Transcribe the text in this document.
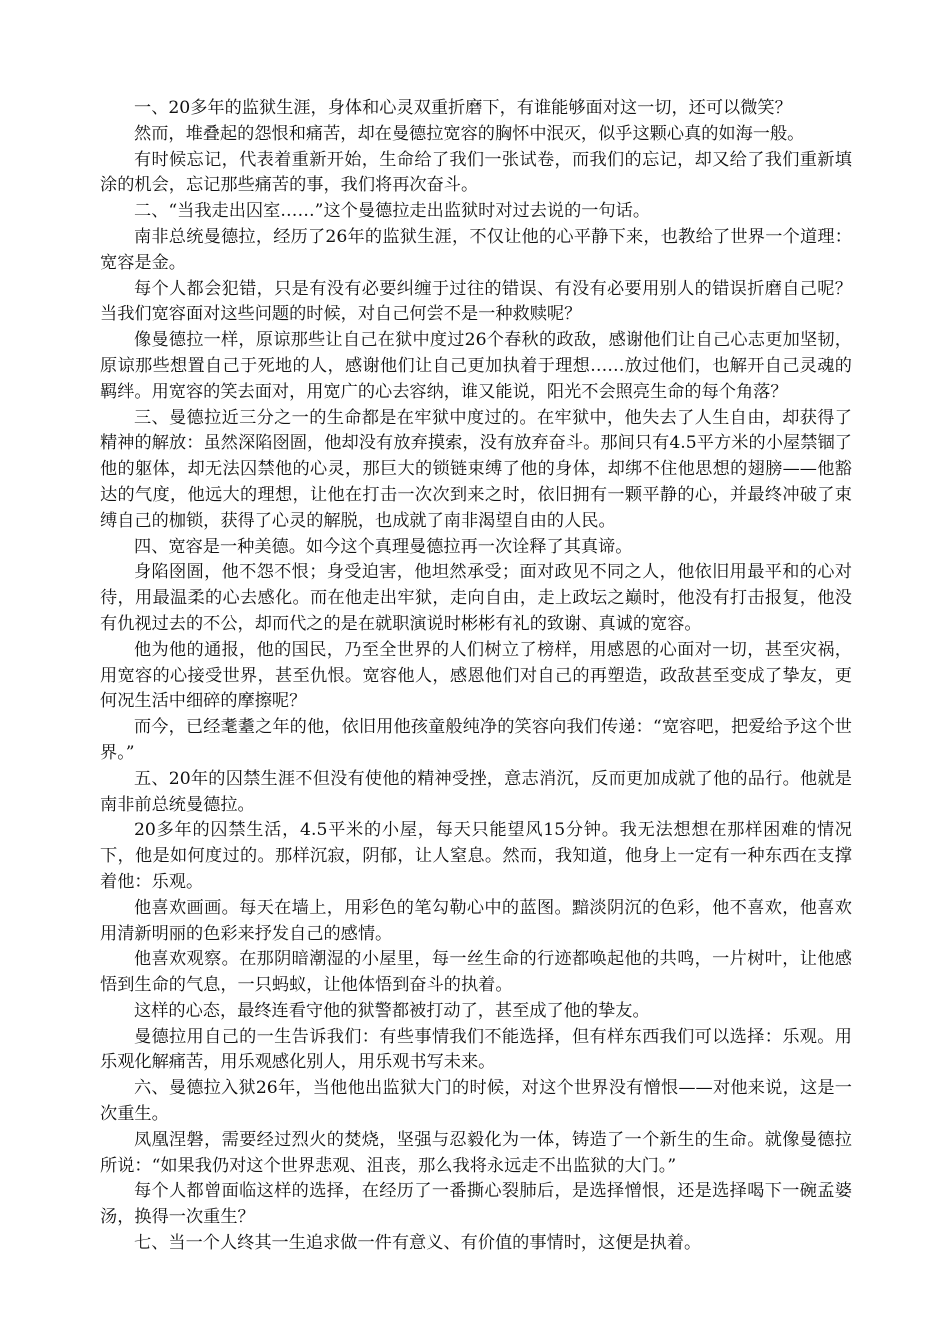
一、20多年的监狱生涯，身体和心灵双重折磨下，有谁能够面对这一切，还可以微笑？

然而，堆叠起的怨恨和痛苦，却在曼德拉宽容的胸怀中泯灭，似乎这颗心真的如海一般。

有时候忘记，代表着重新开始，生命给了我们一张试卷，而我们的忘记，却又给了我们重新填涂的机会，忘记那些痛苦的事，我们将再次奋斗。

二、“当我走出囚室……”这个曼德拉走出监狱时对过去说的一句话。

南非总统曼德拉，经历了26年的监狱生涯，不仅让他的心平静下来，也教给了世界一个道理：宽容是金。

每个人都会犯错，只是有没有必要纠缠于过往的错误、有没有必要用别人的错误折磨自己呢？当我们宽容面对这些问题的时候，对自己何尝不是一种救赎呢？

像曼德拉一样，原谅那些让自己在狱中度过26个春秋的政敌，感谢他们让自己心志更加坚韧，原谅那些想置自己于死地的人，感谢他们让自己更加执着于理想……放过他们，也解开自己灵魂的羁绊。用宽容的笑去面对，用宽广的心去容纳，谁又能说，阳光不会照亮生命的每个角落？

三、曼德拉近三分之一的生命都是在牢狱中度过的。在牢狱中，他失去了人生自由，却获得了精神的解放：虽然深陷囹圄，他却没有放弃摸索，没有放弃奋斗。那间只有4.5平方米的小屋禁锢了他的躯体，却无法囚禁他的心灵，那巨大的锁链束缚了他的身体，却绑不住他思想的翅膀——他豁达的气度，他远大的理想，让他在打击一次次到来之时，依旧拥有一颗平静的心，并最终冲破了束缚自己的枷锁，获得了心灵的解脱，也成就了南非渴望自由的人民。

四、宽容是一种美德。如今这个真理曼德拉再一次诠释了其真谛。

身陷囹圄，他不怨不恨；身受迫害，他坦然承受；面对政见不同之人，他依旧用最平和的心对待，用最温柔的心去感化。而在他走出牢狱，走向自由，走上政坛之巅时，他没有打击报复，他没有仇视过去的不公，却而代之的是在就职演说时彬彬有礼的致谢、真诚的宽容。

他为他的通报，他的国民，乃至全世界的人们树立了榜样，用感恩的心面对一切，甚至灾祸，用宽容的心接受世界，甚至仇恨。宽容他人，感恩他们对自己的再塑造，政敌甚至变成了挚友，更何况生活中细碎的摩擦呢？

而今，已经耄耋之年的他，依旧用他孩童般纯净的笑容向我们传递：“宽容吧，把爱给予这个世界。”

五、20年的囚禁生涯不但没有使他的精神受挫，意志消沉，反而更加成就了他的品行。他就是南非前总统曼德拉。

20多年的囚禁生活，4.5平米的小屋，每天只能望风15分钟。我无法想想在那样困难的情况下，他是如何度过的。那样沉寂，阴郁，让人窒息。然而，我知道，他身上一定有一种东西在支撑着他：乐观。

他喜欢画画。每天在墙上，用彩色的笔勾勒心中的蓝图。黯淡阴沉的色彩，他不喜欢，他喜欢用清新明丽的色彩来抒发自己的感情。

他喜欢观察。在那阴暗潮湿的小屋里，每一丝生命的行迹都唤起他的共鸣，一片树叶，让他感悟到生命的气息，一只蚂蚁，让他体悟到奋斗的执着。

这样的心态，最终连看守他的狱警都被打动了，甚至成了他的挚友。

曼德拉用自己的一生告诉我们：有些事情我们不能选择，但有样东西我们可以选择：乐观。用乐观化解痛苦，用乐观感化别人，用乐观书写未来。

六、曼德拉入狱26年，当他他出监狱大门的时候，对这个世界没有憎恨——对他来说，这是一次重生。

凤凰涅磐，需要经过烈火的焚烧，坚强与忍毅化为一体，铸造了一个新生的生命。就像曼德拉所说：“如果我仍对这个世界悲观、沮丧，那么我将永远走不出监狱的大门。”

每个人都曾面临这样的选择，在经历了一番撕心裂肺后，是选择憎恨，还是选择喝下一碗孟婆汤，换得一次重生？

七、当一个人终其一生追求做一件有意义、有价值的事情时，这便是执着。
